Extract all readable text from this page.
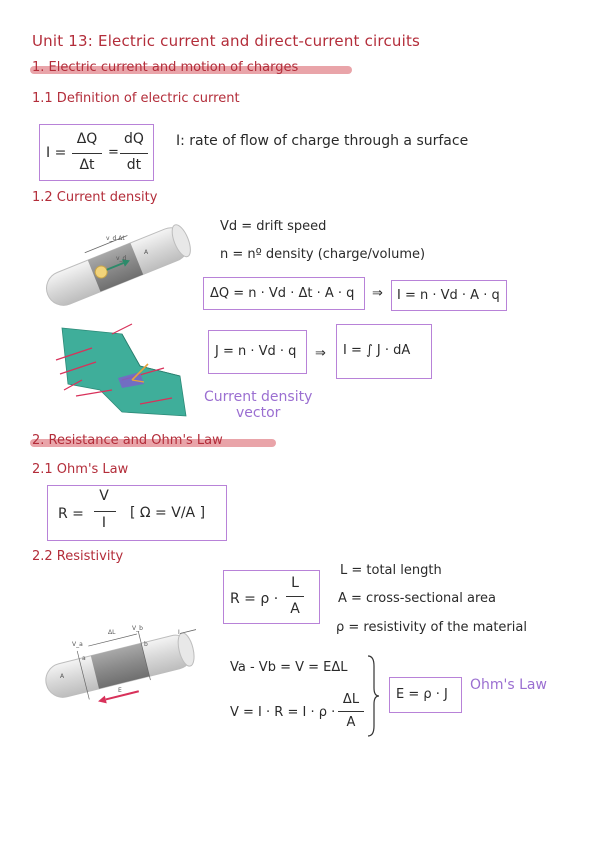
Unit 13: Electric current and direct-current circuits
1. Electric current and motion of charges
1.1 Definition of electric current
I =
ΔQ
Δt
=
dQ
dt
I: rate of flow of charge through a surface
1.2 Current density
v_d Δt
v_d
A
Vd = drift speed
n = nº density (charge/volume)
ΔQ = n · Vd · Δt · A · q ⇒ I = n · Vd · A · q
J = n · Vd · q ⇒ I = ∫ J · dA
Current density
vector
2. Resistance and Ohm's Law
2.1 Ohm's Law
R =
V
I
[ Ω = V/A ]
2.2 Resistivity
R = ρ ·
L
A
L = total length
A = cross-sectional area
ρ = resistivity of the material
ΔL
V_a
V_b
a
b
A
I
E
Va - Vb = V = EΔL
V = I · R = I · ρ ·
ΔL
A
E = ρ · J
Ohm's Law
